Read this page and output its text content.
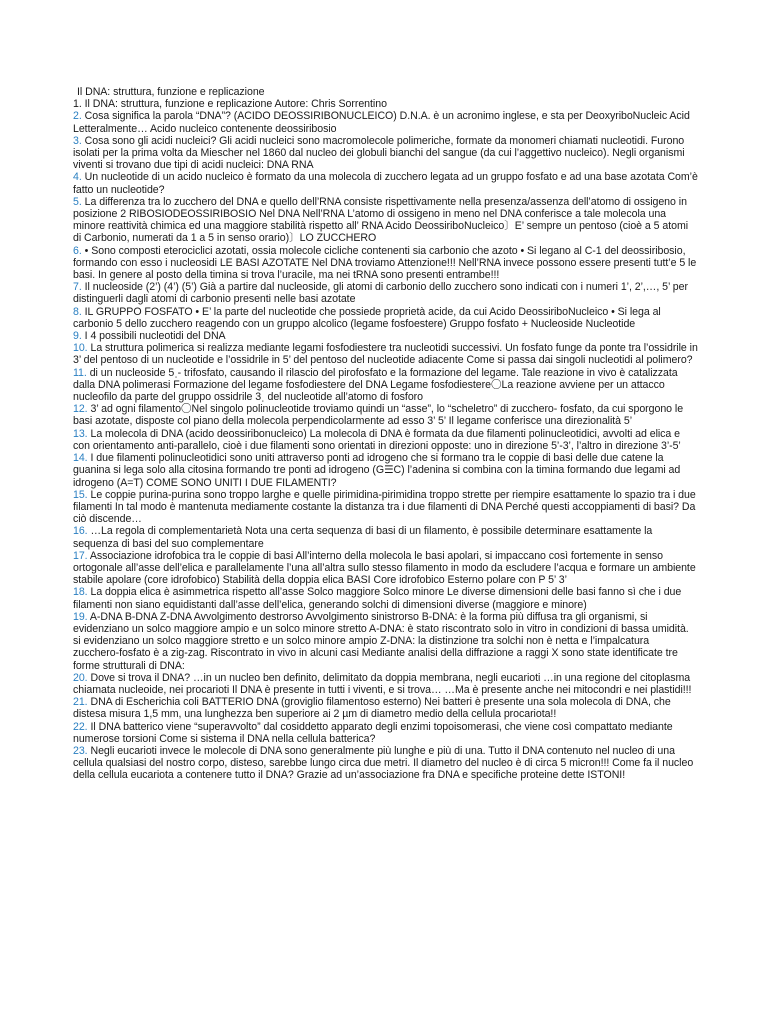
Il DNA: struttura, funzione e replicazione

1. Il DNA: struttura, funzione e replicazione Autore: Chris Sorrentino

2. Cosa significa la parola “DNA”? (ACIDO DEOSSIRIBONUCLEICO) D.N.A. è un acronimo inglese, e sta per DeoxyriboNucleic Acid Letteralmente… Acido nucleico contenente deossiribosio

3. Cosa sono gli acidi nucleici? Gli acidi nucleici sono macromolecole polimeriche, formate da monomeri chiamati nucleotidi. Furono isolati per la prima volta da Miescher nel 1860 dal nucleo dei globuli bianchi del sangue (da cui l’aggettivo nucleico). Negli organismi viventi si trovano due tipi di acidi nucleici: DNA RNA

4. Un nucleotide di un acido nucleico è formato da una molecola di zucchero legata ad un gruppo fosfato e ad una base azotata Com’è fatto un nucleotide?

5. La differenza tra lo zucchero del DNA e quello dell’RNA consiste rispettivamente nella presenza/assenza dell’atomo di ossigeno in posizione 2 RIBOSIODEOSSIRIBOSIO Nel DNA Nell’RNA L’atomo di ossigeno in meno nel DNA conferisce a tale molecola una minore reattività chimica ed una maggiore stabilità rispetto all’ RNA Acido DeossiriboNucleico〕E’ sempre un pentoso (cioè a 5 atomi di Carbonio, numerati da 1 a 5 in senso orario)〕LO ZUCCHERO

6. • Sono composti eterociclici azotati, ossia molecole cicliche contenenti sia carbonio che azoto • Si legano al C-1 del deossiribosio, formando con esso i nucleosidi LE BASI AZOTATE Nel DNA troviamo Attenzione!!! Nell’RNA invece possono essere presenti tutt’e 5 le basi. In genere al posto della timina si trova l’uracile, ma nei tRNA sono presenti entrambe!!!

7. Il nucleoside (2’) (4’) (5’) Già a partire dal nucleoside, gli atomi di carbonio dello zucchero sono indicati con i numeri 1’, 2’,…, 5’ per distinguerli dagli atomi di carbonio presenti nelle basi azotate

8. IL GRUPPO FOSFATO • E’ la parte del nucleotide che possiede proprietà acide, da cui Acido DeossiriboNucleico • Si lega al carbonio 5 dello zucchero reagendo con un gruppo alcolico (legame fosfoestere) Gruppo fosfato + Nucleoside Nucleotide

9. I 4 possibili nucleotidi del DNA

10. La struttura polimerica si realizza mediante legami fosfodiestere tra nucleotidi successivi. Un fosfato funge da ponte tra l’ossidrile in 3’ del pentoso di un nucleotide e l’ossidrile in 5’ del pentoso del nucleotide adiacente Come si passa dai singoli nucleotidi al polimero?

11. di un nucleoside 5ˌ- trifosfato, causando il rilascio del pirofosfato e la formazione del legame. Tale reazione in vivo è catalizzata dalla DNA polimerasi Formazione del legame fosfodiestere del DNA Legame fosfodiestere〇La reazione avviene per un attacco nucleofilo da parte del gruppo ossidrile 3ˌ del nucleotide all’atomo di fosforo

12. 3’ ad ogni filamento〇Nel singolo polinucleotide troviamo quindi un “asse”, lo “scheletro” di zucchero- fosfato, da cui sporgono le basi azotate, disposte col piano della molecola perpendicolarmente ad esso 3’ 5’ Il legame conferisce una direzionalità 5’

13. La molecola di DNA (acido deossiribonucleico) La molecola di DNA è formata da due filamenti polinucleotidici, avvolti ad elica e con orientamento anti-parallelo, cioè i due filamenti sono orientati in direzioni opposte: uno in direzione 5’-3’, l’altro in direzione 3’-5’

14. I due filamenti polinucleotidici sono uniti attraverso ponti ad idrogeno che si formano tra le coppie di basi delle due catene la guanina si lega solo alla citosina formando tre ponti ad idrogeno (G☰C) l’adenina si combina con la timina formando due legami ad idrogeno (A=T) COME SONO UNITI I DUE FILAMENTI?

15. Le coppie purina-purina sono troppo larghe e quelle pirimidina-pirimidina troppo strette per riempire esattamente lo spazio tra i due filamenti In tal modo è mantenuta mediamente costante la distanza tra i due filamenti di DNA Perché questi accoppiamenti di basi? Da ciò discende…

16. …La regola di complementarietà Nota una certa sequenza di basi di un filamento, è possibile determinare esattamente la sequenza di basi del suo complementare

17. Associazione idrofobica tra le coppie di basi All’interno della molecola le basi apolari, si impaccano così fortemente in senso ortogonale all’asse dell’elica e parallelamente l’una all’altra sullo stesso filamento in modo da escludere l’acqua e formare un ambiente stabile apolare (core idrofobico) Stabilità della doppia elica BASI Core idrofobico Esterno polare con P 5’ 3’

18. La doppia elica è asimmetrica rispetto all’asse Solco maggiore Solco minore Le diverse dimensioni delle basi fanno sì che i due filamenti non siano equidistanti dall’asse dell’elica, generando solchi di dimensioni diverse (maggiore e minore)

19. A-DNA B-DNA Z-DNA Avvolgimento destrorso Avvolgimento sinistrorso B-DNA: è la forma più diffusa tra gli organismi, si evidenziano un solco maggiore ampio e un solco minore stretto A-DNA: è stato riscontrato solo in vitro in condizioni di bassa umidità. si evidenziano un solco maggiore stretto e un solco minore ampio Z-DNA: la distinzione tra solchi non è netta e l’impalcatura zucchero-fosfato è a zig-zag. Riscontrato in vivo in alcuni casi Mediante analisi della diffrazione a raggi X sono state identificate tre forme strutturali di DNA:

20. Dove si trova il DNA? …in un nucleo ben definito, delimitato da doppia membrana, negli eucarioti …in una regione del citoplasma chiamata nucleoide, nei procarioti Il DNA è presente in tutti i viventi, e si trova… …Ma è presente anche nei mitocondri e nei plastidi!!!

21. DNA di Escherichia coli BATTERIO DNA (groviglio filamentoso esterno) Nei batteri è presente una sola molecola di DNA, che distesa misura 1,5 mm, una lunghezza ben superiore ai 2 µm di diametro medio della cellula procariota!!

22. Il DNA batterico viene “superavvolto” dal cosiddetto apparato degli enzimi topoisomerasi, che viene così compattato mediante numerose torsioni Come si sistema il DNA nella cellula batterica?

23. Negli eucarioti invece le molecole di DNA sono generalmente più lunghe e più di una. Tutto il DNA contenuto nel nucleo di una cellula qualsiasi del nostro corpo, disteso, sarebbe lungo circa due metri. Il diametro del nucleo è di circa 5 micron!!! Come fa il nucleo della cellula eucariota a contenere tutto il DNA? Grazie ad un’associazione fra DNA e specifiche proteine dette ISTONI!
